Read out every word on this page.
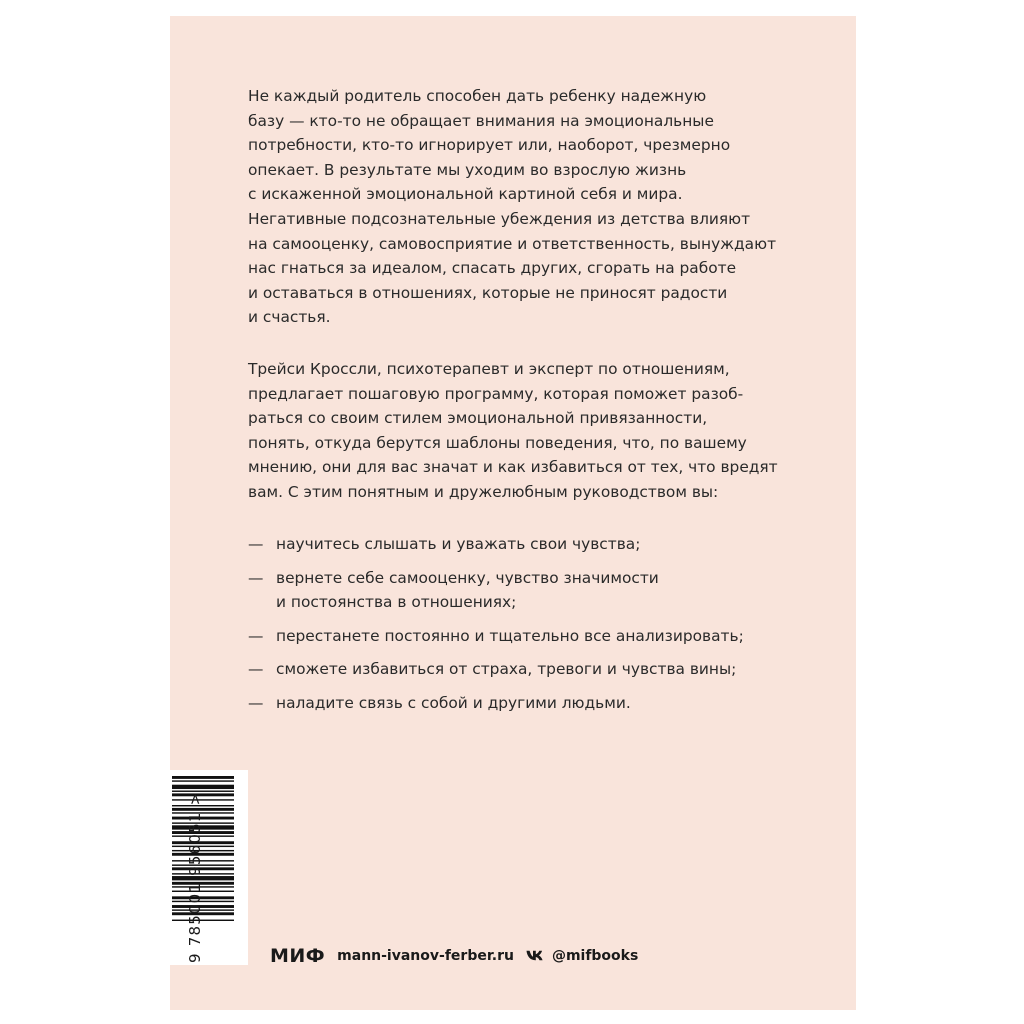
Не каждый родитель способен дать ребенку надежную
базу — кто-то не обращает внимания на эмоциональные
потребности, кто-то игнорирует или, наоборот, чрезмерно
опекает. В результате мы уходим во взрослую жизнь
с искаженной эмоциональной картиной себя и мира.
Негативные подсознательные убеждения из детства влияют
на самооценку, самовосприятие и ответственность, вынуждают
нас гнаться за идеалом, спасать других, сгорать на работе
и оставаться в отношениях, которые не приносят радости
и счастья.
Трейси Кроссли, психотерапевт и эксперт по отношениям,
предлагает пошаговую программу, которая поможет разоб-
раться со своим стилем эмоциональной привязанности,
понять, откуда берутся шаблоны поведения, что, по вашему
мнению, они для вас значат и как избавиться от тех, что вредят
вам. С этим понятным и дружелюбным руководством вы:
— научитесь слышать и уважать свои чувства;
— вернете себе самооценку, чувство значимости
и постоянства в отношениях;
— перестанете постоянно и тщательно все анализировать;
— сможете избавиться от страха, тревоги и чувства вины;
— наладите связь с собой и другими людьми.
9 785001 956051 >	МИФ mann-ivanov-ferber.ru	@mifbooks
